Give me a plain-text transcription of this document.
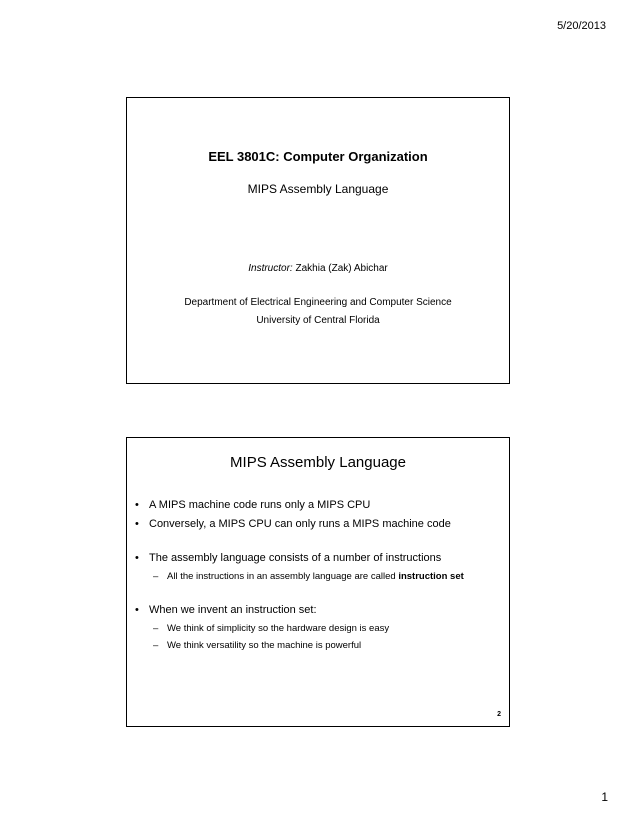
5/20/2013
EEL 3801C: Computer Organization
MIPS Assembly Language
Instructor: Zakhia (Zak) Abichar
Department of Electrical Engineering and Computer Science
University of Central Florida
MIPS Assembly Language
• A MIPS machine code runs only a MIPS CPU
• Conversely, a MIPS CPU can only runs a MIPS machine code
• The assembly language consists of a number of instructions
– All the instructions in an assembly language are called instruction set
• When we invent an instruction set:
– We think of simplicity so the hardware design is easy
– We think versatility so the machine is powerful
2
1
